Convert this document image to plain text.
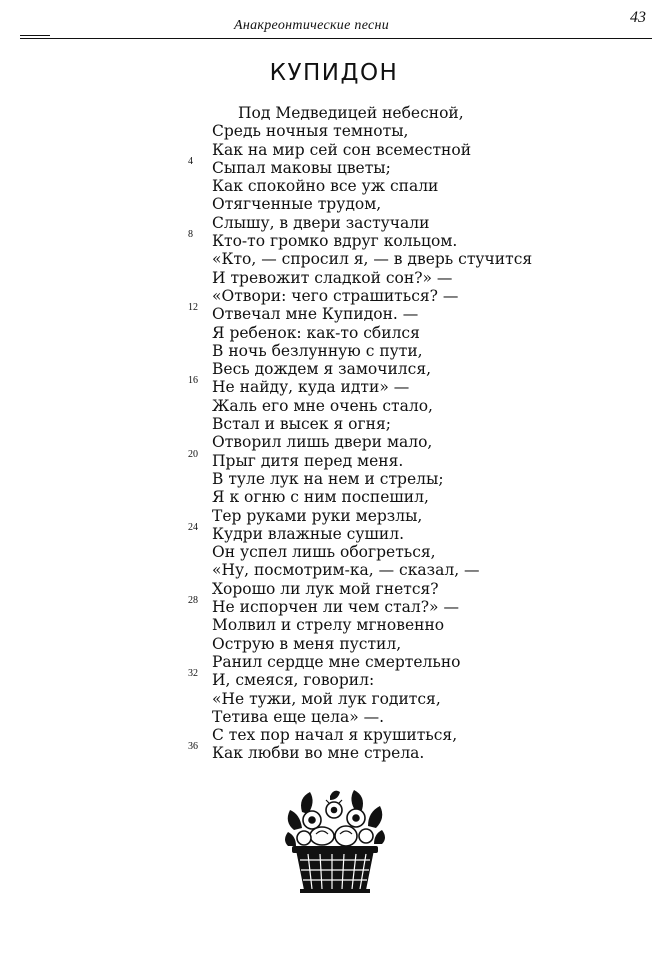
Анакреонтические песни	43
КУПИДОН
Под Медведицей небесной,
Средь ночныя темноты,
Как на мир сей сон всеместной
4 Сыпал маковы цветы;
Как спокойно все уж спали
Отягченные трудом,
Слышу, в двери застучали
8 Кто-то громко вдруг кольцом.
«Кто, — спросил я, — в дверь стучится
И тревожит сладкой сон?» —
«Отвори: чего страшиться? —
12 Отвечал мне Купидон. —
Я ребенок: как-то сбился
В ночь безлунную с пути,
Весь дождем я замочился,
16 Не найду, куда идти» —
Жаль его мне очень стало,
Встал и высек я огня;
Отворил лишь двери мало,
20 Прыг дитя перед меня.
В туле лук на нем и стрелы;
Я к огню с ним поспешил,
Тер руками руки мерзлы,
24 Кудри влажные сушил.
Он успел лишь обогреться,
«Ну, посмотрим-ка, — сказал, —
Хорошо ли лук мой гнется?
28 Не испорчен ли чем стал?» —
Молвил и стрелу мгновенно
Острую в меня пустил,
Ранил сердце мне смертельно
32 И, смеяся, говорил:
«Не тужи, мой лук годится,
Тетива еще цела» —.
С тех пор начал я крушиться,
36 Как любви во мне стрела.
